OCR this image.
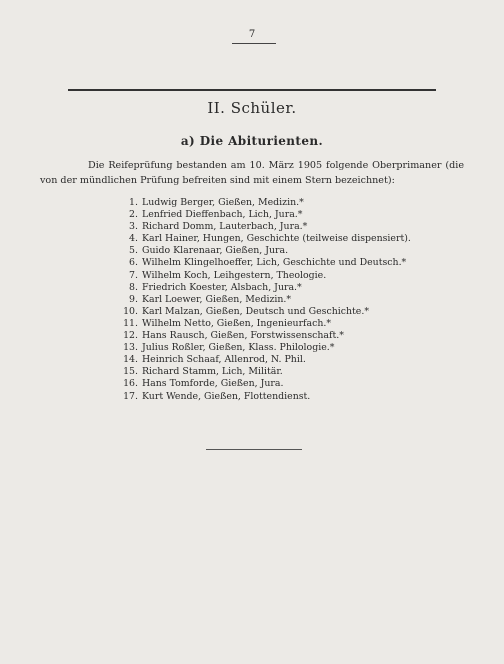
7
II. Schüler.
a) Die Abiturienten.
Die Reifeprüfung bestanden am 10. März 1905 folgende Oberprimaner (die von der mündlichen Prüfung befreiten sind mit einem Stern bezeichnet):
1. Ludwig Berger, Gießen, Medizin.*
2. Lenfried Dieffenbach, Lich, Jura.*
3. Richard Domm, Lauterbach, Jura.*
4. Karl Hainer, Hungen, Geschichte (teilweise dispensiert).
5. Guido Klarenaar, Gießen, Jura.
6. Wilhelm Klingelhoeffer, Lich, Geschichte und Deutsch.*
7. Wilhelm Koch, Leihgestern, Theologie.
8. Friedrich Koester, Alsbach, Jura.*
9. Karl Loewer, Gießen, Medizin.*
10. Karl Malzan, Gießen, Deutsch und Geschichte.*
11. Wilhelm Netto, Gießen, Ingenieurfach.*
12. Hans Rausch, Gießen, Forstwissenschaft.*
13. Julius Roßler, Gießen, Klass. Philologie.*
14. Heinrich Schaaf, Allenrod, N. Phil.
15. Richard Stamm, Lich, Militär.
16. Hans Tomforde, Gießen, Jura.
17. Kurt Wende, Gießen, Flottendienst.
